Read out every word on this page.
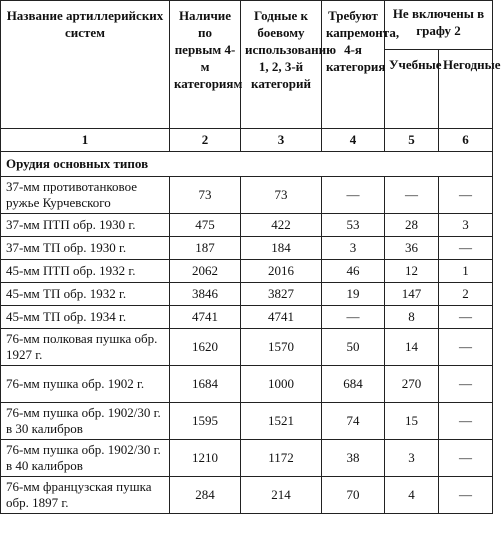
Название артиллерийских систем	Наличие по первым 4-м категориям	Годные к боевому использованию 1, 2, 3-й категорий	Требуют капремонта, 4-я категория	Не включены в графу 2	
				Учебные	Негодные
1	2	3	4	5	6
Орудия основных типов					
37-мм противотанковое ружье Курчевского	73	73	—	—	—
37-мм ПТП обр. 1930 г.	475	422	53	28	3
37-мм ТП обр. 1930 г.	187	184	3	36	—
45-мм ПТП обр. 1932 г.	2062	2016	46	12	1
45-мм ТП обр. 1932 г.	3846	3827	19	147	2
45-мм ТП обр. 1934 г.	4741	4741	—	8	—
76-мм полковая пушка обр. 1927 г.	1620	1570	50	14	—
76-мм пушка обр. 1902 г.	1684	1000	684	270	—
76-мм пушка обр. 1902/30 г. в 30 калибров	1595	1521	74	15	—
76-мм пушка обр. 1902/30 г. в 40 калибров	1210	1172	38	3	—
76-мм французская пушка обр. 1897 г.	284	214	70	4	—
